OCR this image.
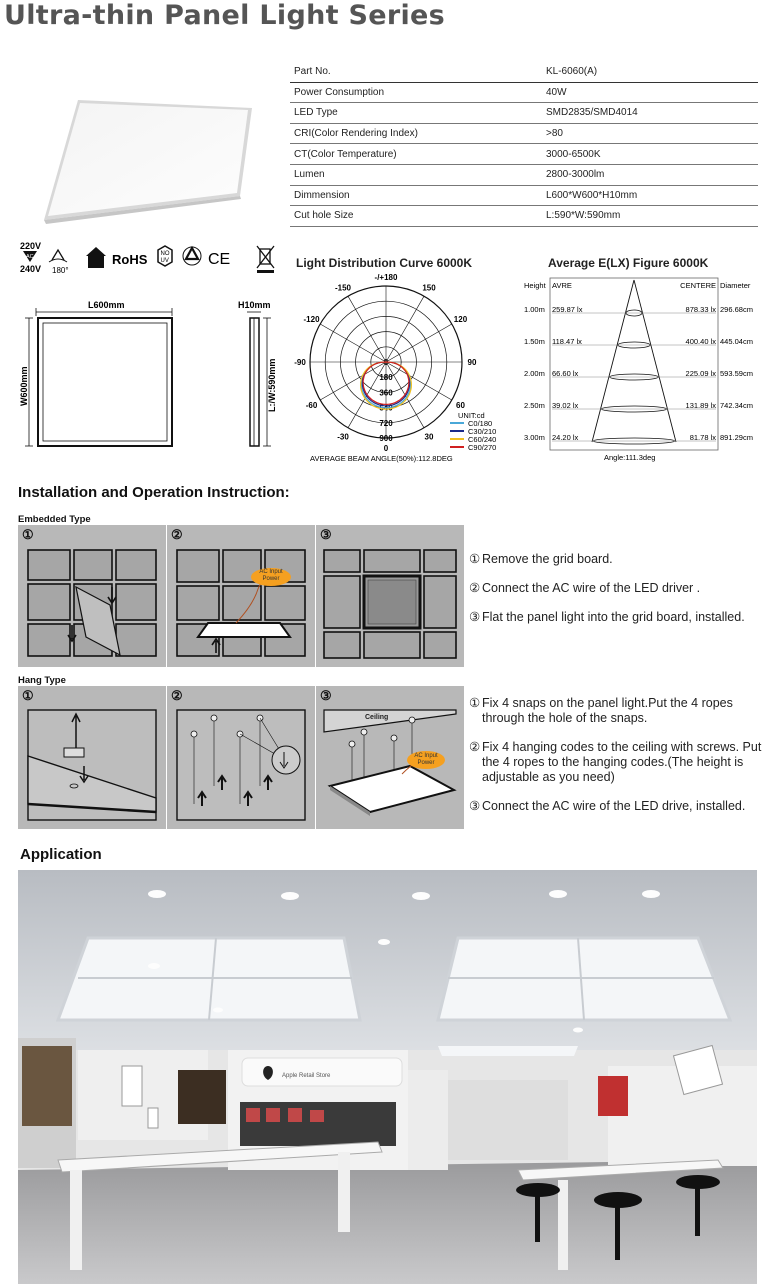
Ultra-thin Panel Light Series
Part No.	KL-6060(A)
Power Consumption	40W
LED Type	SMD2835/SMD4014
CRI(Color Rendering Index)	>80
CT(Color Temperature)	3000-6500K
Lumen	2800-3000lm
Dimmension	L600*W600*H10mm
Cut hole Size	L:590*W:590mm
220V
AC
240V 180°
RoHS NO
UV CE
L600mm
W600mm
H10mm
L:/W:590mm
Light Distribution Curve 6000K
-150	150
-120	120
-90	90
-60	60
-30	30
0
-/+180
0
180
360
540
720
900
UNIT:cd
C0/180
C30/210
C60/240
C90/270
AVERAGE BEAM ANGLE(50%):112.8DEG
Average E(LX) Figure 6000K
Height AVRE	CENTERE Diameter
1.00m 259.87 lx	878.33 lx 296.68cm
1.50m 118.47 lx	400.40 lx 445.04cm
2.00m 66.60 lx	225.09 lx 593.59cm
2.50m 39.02 lx	131.89 lx 742.34cm
3.00m 24.20 lx	81.78 lx 891.29cm
Angle:111.3deg
Installation and Operation Instruction:
Embedded Type
①	②	③
AC Input
Power
① Remove the grid board.
② Connect the AC wire of the LED driver .
③ Flat the panel light into the grid board, installed.
Hang Type
①	②	③
Ceiling
AC Input
Power
① Fix 4 snaps on the panel light.Put the 4 ropes through the hole of the snaps.
② Fix 4 hanging codes to the ceiling with screws. Put the 4 ropes to the hanging codes.(The height is adjustable as you need)
③ Connect the AC wire of the LED drive, installed.
Application
Apple Retail Store
